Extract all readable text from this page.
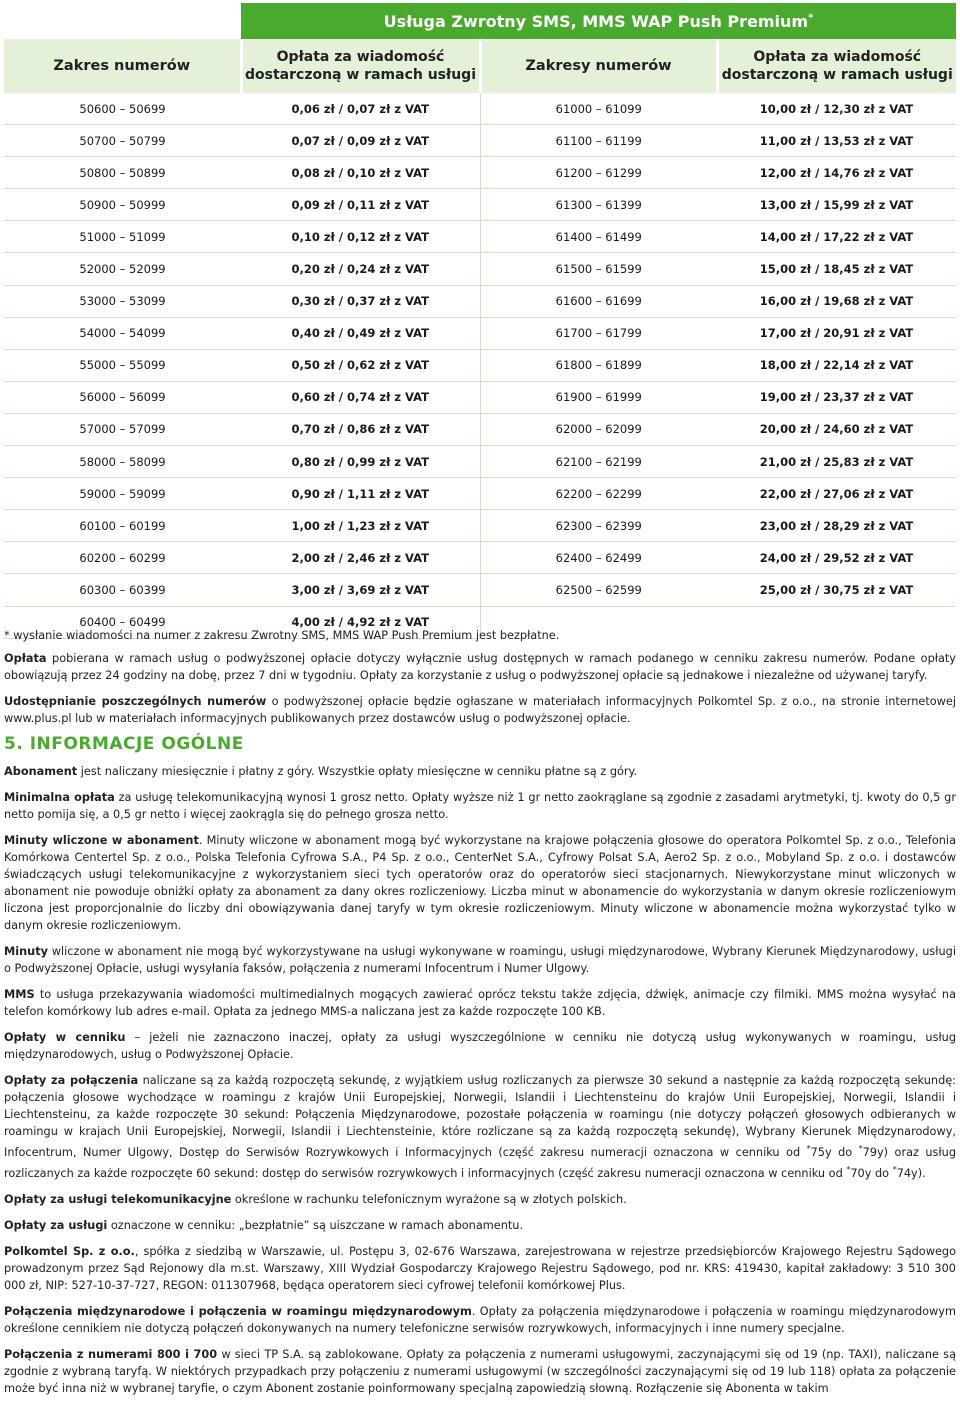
	Usługa Zwrotny SMS, MMS WAP Push Premium*
Zakres numerów	Opłata za wiadomość dostarczoną w ramach usługi	Zakresy numerów	Opłata za wiadomość dostarczoną w ramach usługi
50600 – 50699	0,06 zł / 0,07 zł z VAT	61000 – 61099	10,00 zł / 12,30 zł z VAT
50700 – 50799	0,07 zł / 0,09 zł z VAT	61100 – 61199	11,00 zł / 13,53 zł z VAT
50800 – 50899	0,08 zł / 0,10 zł z VAT	61200 – 61299	12,00 zł / 14,76 zł z VAT
50900 – 50999	0,09 zł / 0,11 zł z VAT	61300 – 61399	13,00 zł / 15,99 zł z VAT
51000 – 51099	0,10 zł / 0,12 zł z VAT	61400 – 61499	14,00 zł / 17,22 zł z VAT
52000 – 52099	0,20 zł / 0,24 zł z VAT	61500 – 61599	15,00 zł / 18,45 zł z VAT
53000 – 53099	0,30 zł / 0,37 zł z VAT	61600 – 61699	16,00 zł / 19,68 zł z VAT
54000 – 54099	0,40 zł / 0,49 zł z VAT	61700 – 61799	17,00 zł / 20,91 zł z VAT
55000 – 55099	0,50 zł / 0,62 zł z VAT	61800 – 61899	18,00 zł / 22,14 zł z VAT
56000 – 56099	0,60 zł / 0,74 zł z VAT	61900 – 61999	19,00 zł / 23,37 zł z VAT
57000 – 57099	0,70 zł / 0,86 zł z VAT	62000 – 62099	20,00 zł / 24,60 zł z VAT
58000 – 58099	0,80 zł / 0,99 zł z VAT	62100 – 62199	21,00 zł / 25,83 zł z VAT
59000 – 59099	0,90 zł / 1,11 zł z VAT	62200 – 62299	22,00 zł / 27,06 zł z VAT
60100 – 60199	1,00 zł / 1,23 zł z VAT	62300 – 62399	23,00 zł / 28,29 zł z VAT
60200 – 60299	2,00 zł / 2,46 zł z VAT	62400 – 62499	24,00 zł / 29,52 zł z VAT
60300 – 60399	3,00 zł / 3,69 zł z VAT	62500 – 62599	25,00 zł / 30,75 zł z VAT
60400 – 60499	4,00 zł / 4,92 zł z VAT		

* wysłanie wiadomości na numer z zakresu Zwrotny SMS, MMS WAP Push Premium jest bezpłatne.

Opłata pobierana w ramach usług o podwyższonej opłacie dotyczy wyłącznie usług dostępnych w ramach podanego w cenniku zakresu numerów. Podane opłaty obowiązują przez 24 godziny na dobę, przez 7 dni w tygodniu. Opłaty za korzystanie z usług o podwyższonej opłacie są jednakowe i niezależne od używanej taryfy.

Udostępnianie poszczególnych numerów o podwyższonej opłacie będzie ogłaszane w materiałach informacyjnych Polkomtel Sp. z o.o., na stronie internetowej www.plus.pl lub w materiałach informacyjnych publikowanych przez dostawców usług o podwyższonej opłacie.

5. INFORMACJE OGÓLNE

Abonament jest naliczany miesięcznie i płatny z góry. Wszystkie opłaty miesięczne w cenniku płatne są z góry.

Minimalna opłata za usługę telekomunikacyjną wynosi 1 grosz netto. Opłaty wyższe niż 1 gr netto zaokrąglane są zgodnie z zasadami arytmetyki, tj. kwoty do 0,5 gr netto pomija się, a 0,5 gr netto i więcej zaokrągla się do pełnego grosza netto.

Minuty wliczone w abonament. Minuty wliczone w abonament mogą być wykorzystane na krajowe połączenia głosowe do operatora Polkomtel Sp. z o.o., Telefonia Komórkowa Centertel Sp. z o.o., Polska Telefonia Cyfrowa S.A., P4 Sp. z o.o., CenterNet S.A., Cyfrowy Polsat S.A, Aero2 Sp. z o.o., Mobyland Sp. z o.o. i dostawców świadczących usługi telekomunikacyjne z wykorzystaniem sieci tych operatorów oraz do operatorów sieci stacjonarnych. Niewykorzystane minut wliczonych w abonament nie powoduje obniżki opłaty za abonament za dany okres rozliczeniowy. Liczba minut w abonamencie do wykorzystania w danym okresie rozliczeniowym liczona jest proporcjonalnie do liczby dni obowiązywania danej taryfy w tym okresie rozliczeniowym. Minuty wliczone w abonamencie można wykorzystać tylko w danym okresie rozliczeniowym.

Minuty wliczone w abonament nie mogą być wykorzystywane na usługi wykonywane w roamingu, usługi międzynarodowe, Wybrany Kierunek Międzynarodowy, usługi o Podwyższonej Opłacie, usługi wysyłania faksów, połączenia z numerami Infocentrum i Numer Ulgowy.

MMS to usługa przekazywania wiadomości multimedialnych mogących zawierać oprócz tekstu także zdjęcia, dźwięk, animacje czy filmiki. MMS można wysyłać na telefon komórkowy lub adres e-mail. Opłata za jednego MMS-a naliczana jest za każde rozpoczęte 100 KB.

Opłaty w cenniku – jeżeli nie zaznaczono inaczej, opłaty za usługi wyszczególnione w cenniku nie dotyczą usług wykonywanych w roamingu, usług międzynarodowych, usług o Podwyższonej Opłacie.

Opłaty za połączenia naliczane są za każdą rozpoczętą sekundę, z wyjątkiem usług rozliczanych za pierwsze 30 sekund a następnie za każdą rozpoczętą sekundę: połączenia głosowe wychodzące w roamingu z krajów Unii Europejskiej, Norwegii, Islandii i Liechtensteinu do krajów Unii Europejskiej, Norwegii, Islandii i Liechtensteinu, za każde rozpoczęte 30 sekund: Połączenia Międzynarodowe, pozostałe połączenia w roamingu (nie dotyczy połączeń głosowych odbieranych w roamingu w krajach Unii Europejskiej, Norwegii, Islandii i Liechtensteinie, które rozliczane są za każdą rozpoczętą sekundę), Wybrany Kierunek Międzynarodowy, Infocentrum, Numer Ulgowy, Dostęp do Serwisów Rozrywkowych i Informacyjnych (część zakresu numeracji oznaczona w cenniku od *75y do *79y) oraz usług rozliczanych za każde rozpoczęte 60 sekund: dostęp do serwisów rozrywkowych i informacyjnych (część zakresu numeracji oznaczona w cenniku od *70y do *74y).

Opłaty za usługi telekomunikacyjne określone w rachunku telefonicznym wyrażone są w złotych polskich.

Opłaty za usługi oznaczone w cenniku: „bezpłatnie” są uiszczane w ramach abonamentu.

Polkomtel Sp. z o.o., spółka z siedzibą w Warszawie, ul. Postępu 3, 02-676 Warszawa, zarejestrowana w rejestrze przedsiębiorców Krajowego Rejestru Sądowego prowadzonym przez Sąd Rejonowy dla m.st. Warszawy, XIII Wydział Gospodarczy Krajowego Rejestru Sądowego, pod nr. KRS: 419430, kapitał zakładowy: 3 510 300 000 zł, NIP: 527-10-37-727, REGON: 011307968, będąca operatorem sieci cyfrowej telefonii komórkowej Plus.

Połączenia międzynarodowe i połączenia w roamingu międzynarodowym. Opłaty za połączenia międzynarodowe i połączenia w roamingu międzynarodowym określone cennikiem nie dotyczą połączeń dokonywanych na numery telefoniczne serwisów rozrywkowych, informacyjnych i inne numery specjalne.

Połączenia z numerami 800 i 700 w sieci TP S.A. są zablokowane. Opłaty za połączenia z numerami usługowymi, zaczynającymi się od 19 (np. TAXI), naliczane są zgodnie z wybraną taryfą. W niektórych przypadkach przy połączeniu z numerami usługowymi (w szczególności zaczynającymi się od 19 lub 118) opłata za połączenie może być inna niż w wybranej taryfie, o czym Abonent zostanie poinformowany specjalną zapowiedzią słowną. Rozłączenie się Abonenta w takim
